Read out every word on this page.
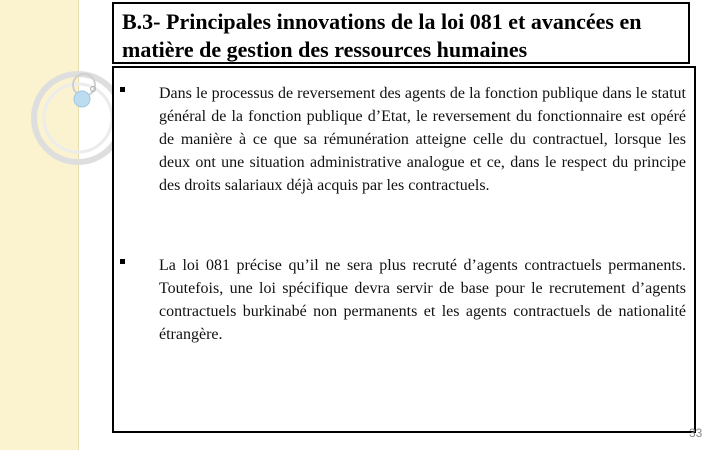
B.3- Principales innovations de la loi 081 et avancées en matière de gestion des ressources humaines

Dans le processus de reversement des agents de la fonction publique dans le statut général de la fonction publique d’Etat, le reversement du fonctionnaire est opéré de manière à ce que sa rémunération atteigne celle du contractuel, lorsque les deux ont une situation administrative analogue et ce, dans le respect du principe des droits salariaux déjà acquis par les contractuels.

La loi 081 précise qu’il ne sera plus recruté d’agents contractuels permanents. Toutefois, une loi spécifique devra servir de base pour le recrutement d’agents contractuels burkinabé non permanents et les agents contractuels de nationalité étrangère.

33
